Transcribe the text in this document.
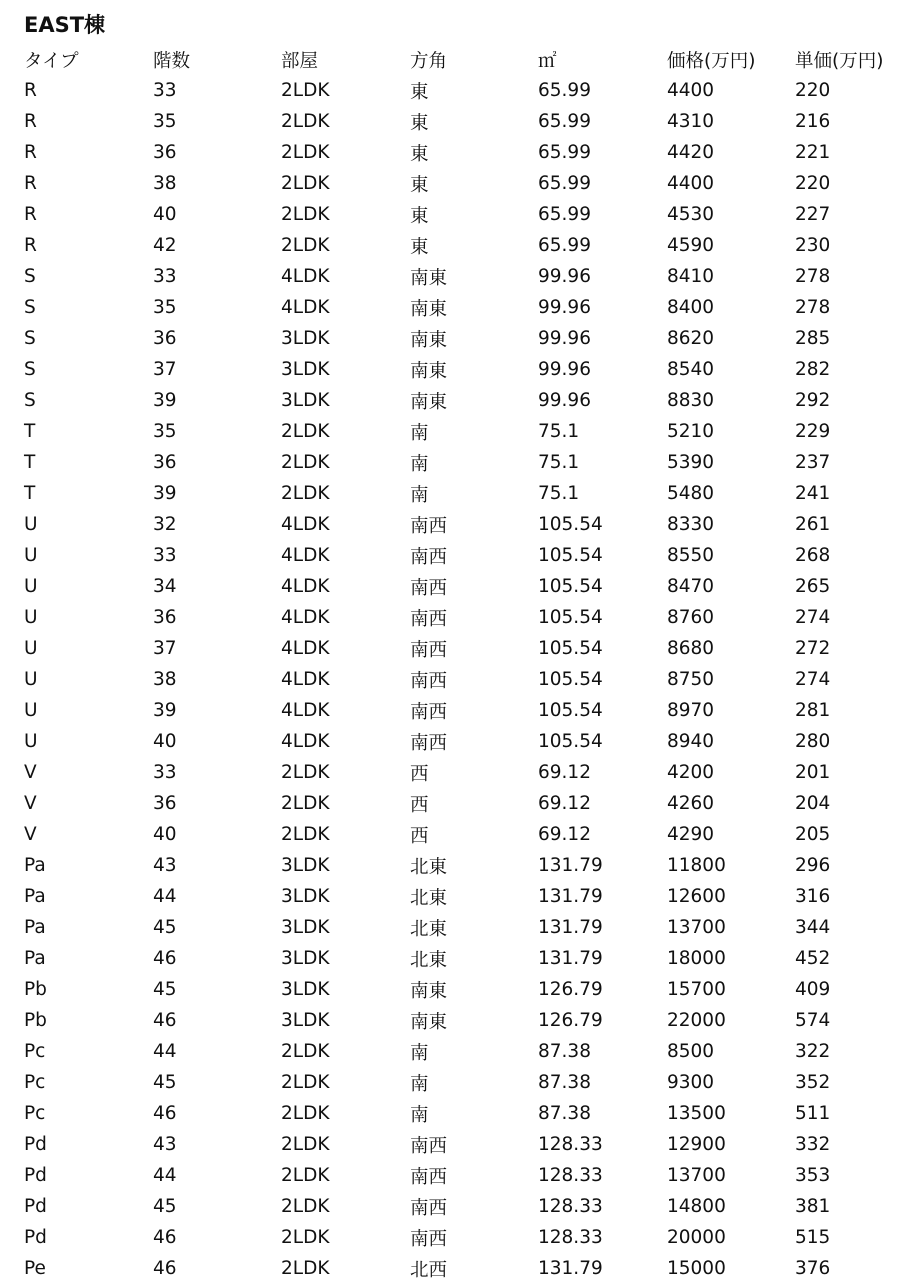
EAST棟
タイプ	階数	部屋	方角	㎡	価格(万円)	単価(万円)
R	33	2LDK	東	65.99	4400	220
R	35	2LDK	東	65.99	4310	216
R	36	2LDK	東	65.99	4420	221
R	38	2LDK	東	65.99	4400	220
R	40	2LDK	東	65.99	4530	227
R	42	2LDK	東	65.99	4590	230
S	33	4LDK	南東	99.96	8410	278
S	35	4LDK	南東	99.96	8400	278
S	36	3LDK	南東	99.96	8620	285
S	37	3LDK	南東	99.96	8540	282
S	39	3LDK	南東	99.96	8830	292
T	35	2LDK	南	75.1	5210	229
T	36	2LDK	南	75.1	5390	237
T	39	2LDK	南	75.1	5480	241
U	32	4LDK	南西	105.54	8330	261
U	33	4LDK	南西	105.54	8550	268
U	34	4LDK	南西	105.54	8470	265
U	36	4LDK	南西	105.54	8760	274
U	37	4LDK	南西	105.54	8680	272
U	38	4LDK	南西	105.54	8750	274
U	39	4LDK	南西	105.54	8970	281
U	40	4LDK	南西	105.54	8940	280
V	33	2LDK	西	69.12	4200	201
V	36	2LDK	西	69.12	4260	204
V	40	2LDK	西	69.12	4290	205
Pa	43	3LDK	北東	131.79	11800	296
Pa	44	3LDK	北東	131.79	12600	316
Pa	45	3LDK	北東	131.79	13700	344
Pa	46	3LDK	北東	131.79	18000	452
Pb	45	3LDK	南東	126.79	15700	409
Pb	46	3LDK	南東	126.79	22000	574
Pc	44	2LDK	南	87.38	8500	322
Pc	45	2LDK	南	87.38	9300	352
Pc	46	2LDK	南	87.38	13500	511
Pd	43	2LDK	南西	128.33	12900	332
Pd	44	2LDK	南西	128.33	13700	353
Pd	45	2LDK	南西	128.33	14800	381
Pd	46	2LDK	南西	128.33	20000	515
Pe	46	2LDK	北西	131.79	15000	376
